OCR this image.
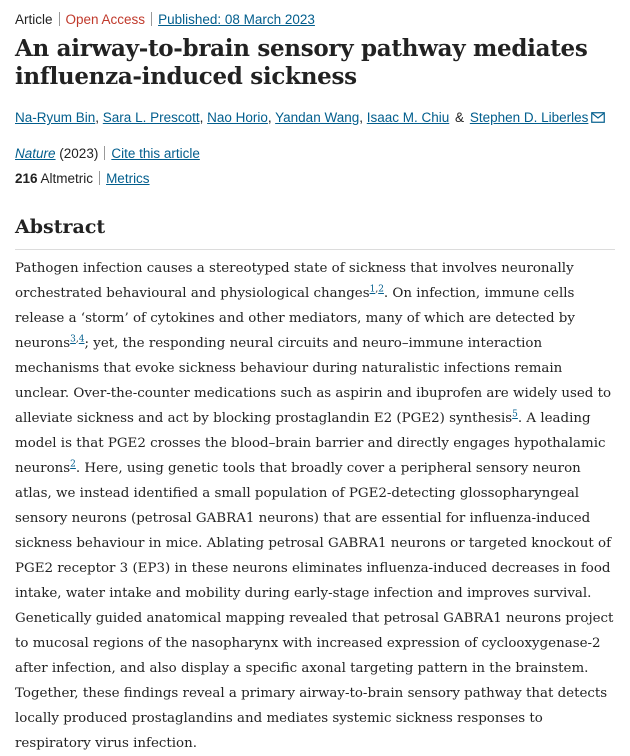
Article Open Access Published: 08 March 2023
An airway-to-brain sensory pathway mediates influenza-induced sickness
Na-Ryum Bin, Sara L. Prescott, Nao Horio, Yandan Wang, Isaac M. Chiu & Stephen D. Liberles
Nature (2023) Cite this article
216 Altmetric Metrics
Abstract

Pathogen infection causes a stereotyped state of sickness that involves neuronally orchestrated behavioural and physiological changes$^{1,2}$. On infection, immune cells release a ‘storm’ of cytokines and other mediators, many of which are detected by neurons$^{3,4}$; yet, the responding neural circuits and neuro–immune interaction mechanisms that evoke sickness behaviour during naturalistic infections remain unclear. Over-the-counter medications such as aspirin and ibuprofen are widely used to alleviate sickness and act by blocking prostaglandin E2 (PGE2) synthesis$^5$. A leading model is that PGE2 crosses the blood–brain barrier and directly engages hypothalamic neurons$^2$. Here, using genetic tools that broadly cover a peripheral sensory neuron atlas, we instead identified a small population of PGE2-detecting glossopharyngeal sensory neurons (petrosal GABRA1 neurons) that are essential for influenza-induced sickness behaviour in mice. Ablating petrosal GABRA1 neurons or targeted knockout of PGE2 receptor 3 (EP3) in these neurons eliminates influenza-induced decreases in food intake, water intake and mobility during early-stage infection and improves survival. Genetically guided anatomical mapping revealed that petrosal GABRA1 neurons project to mucosal regions of the nasopharynx with increased expression of cyclooxygenase-2 after infection, and also display a specific axonal targeting pattern in the brainstem. Together, these findings reveal a primary airway-to-brain sensory pathway that detects locally produced prostaglandins and mediates systemic sickness responses to respiratory virus infection.
